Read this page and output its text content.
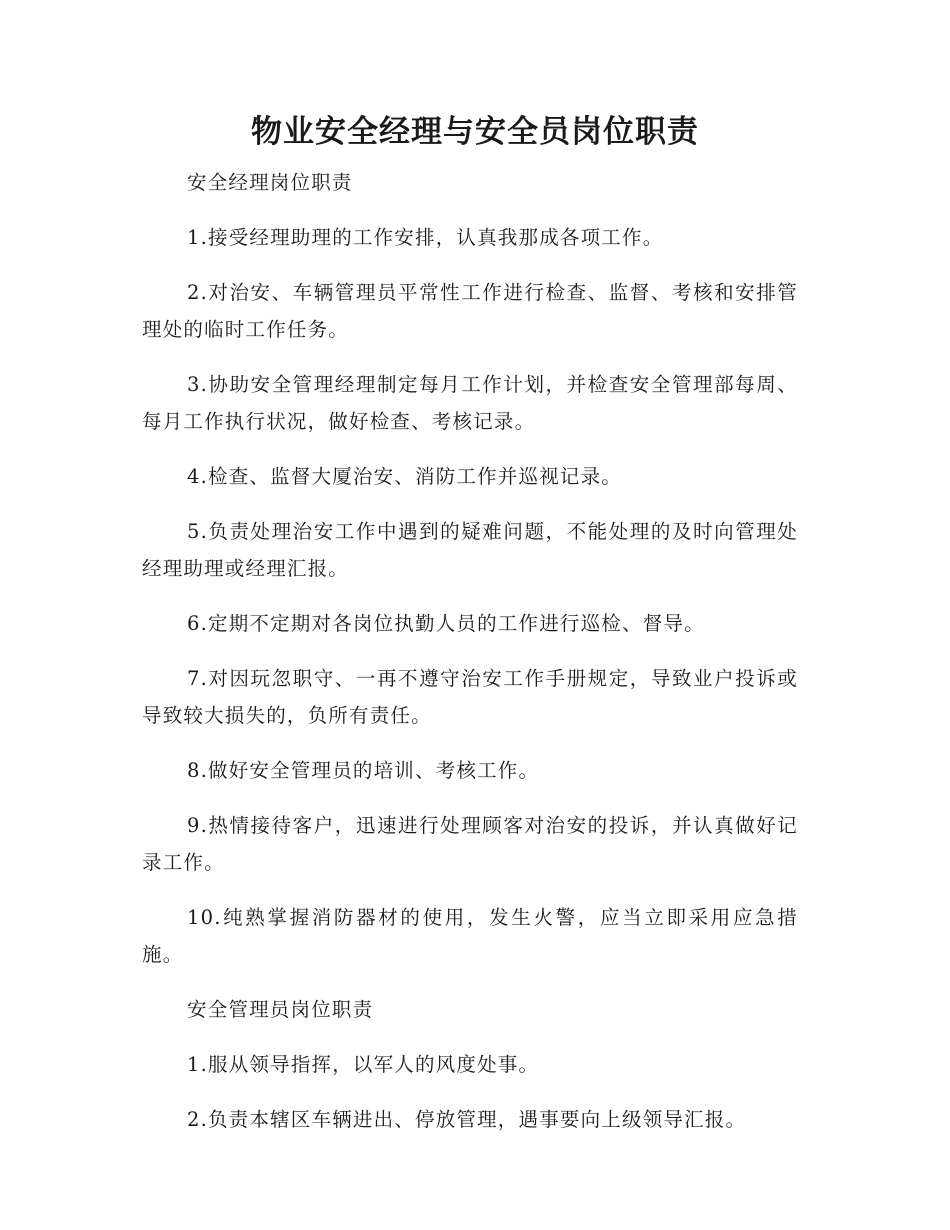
物业安全经理与安全员岗位职责

安全经理岗位职责

1.接受经理助理的工作安排，认真我那成各项工作。

2.对治安、车辆管理员平常性工作进行检查、监督、考核和安排管理处的临时工作任务。

3.协助安全管理经理制定每月工作计划，并检查安全管理部每周、每月工作执行状况，做好检查、考核记录。

4.检查、监督大厦治安、消防工作并巡视记录。

5.负责处理治安工作中遇到的疑难问题，不能处理的及时向管理处经理助理或经理汇报。

6.定期不定期对各岗位执勤人员的工作进行巡检、督导。

7.对因玩忽职守、一再不遵守治安工作手册规定，导致业户投诉或导致较大损失的，负所有责任。

8.做好安全管理员的培训、考核工作。

9.热情接待客户，迅速进行处理顾客对治安的投诉，并认真做好记录工作。

10.纯熟掌握消防器材的使用，发生火警，应当立即采用应急措施。

安全管理员岗位职责

1.服从领导指挥，以军人的风度处事。

2.负责本辖区车辆进出、停放管理，遇事要向上级领导汇报。
